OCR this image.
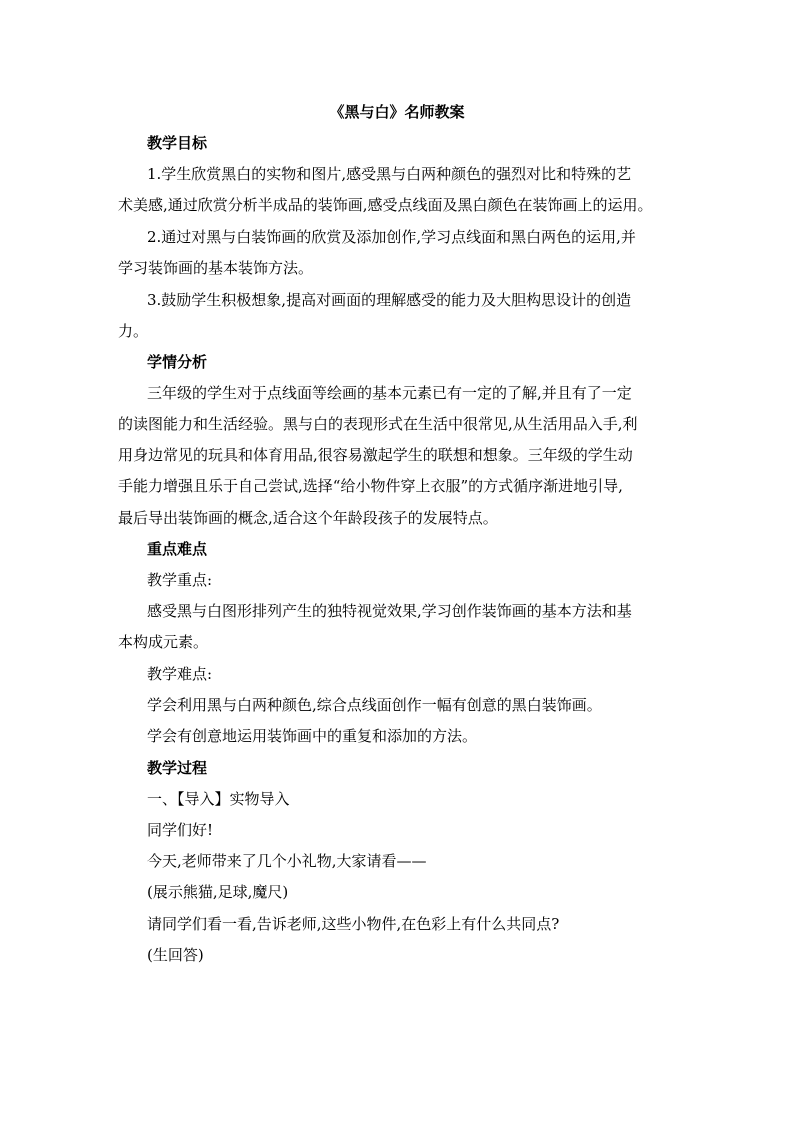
《黑与白》名师教案
教学目标
1.学生欣赏黑白的实物和图片,感受黑与白两种颜色的强烈对比和特殊的艺
术美感,通过欣赏分析半成品的装饰画,感受点线面及黑白颜色在装饰画上的运用。
2.通过对黑与白装饰画的欣赏及添加创作,学习点线面和黑白两色的运用,并
学习装饰画的基本装饰方法。
3.鼓励学生积极想象,提高对画面的理解感受的能力及大胆构思设计的创造
力。
学情分析
三年级的学生对于点线面等绘画的基本元素已有一定的了解,并且有了一定
的读图能力和生活经验。黑与白的表现形式在生活中很常见,从生活用品入手,利
用身边常见的玩具和体育用品,很容易激起学生的联想和想象。三年级的学生动
手能力增强且乐于自己尝试,选择“给小物件穿上衣服”的方式循序渐进地引导,
最后导出装饰画的概念,适合这个年龄段孩子的发展特点。
重点难点
教学重点:
感受黑与白图形排列产生的独特视觉效果,学习创作装饰画的基本方法和基
本构成元素。
教学难点:
学会利用黑与白两种颜色,综合点线面创作一幅有创意的黑白装饰画。
学会有创意地运用装饰画中的重复和添加的方法。
教学过程
一、【导入】实物导入
同学们好!
今天,老师带来了几个小礼物,大家请看——
(展示熊猫,足球,魔尺)
请同学们看一看,告诉老师,这些小物件,在色彩上有什么共同点?
(生回答)
